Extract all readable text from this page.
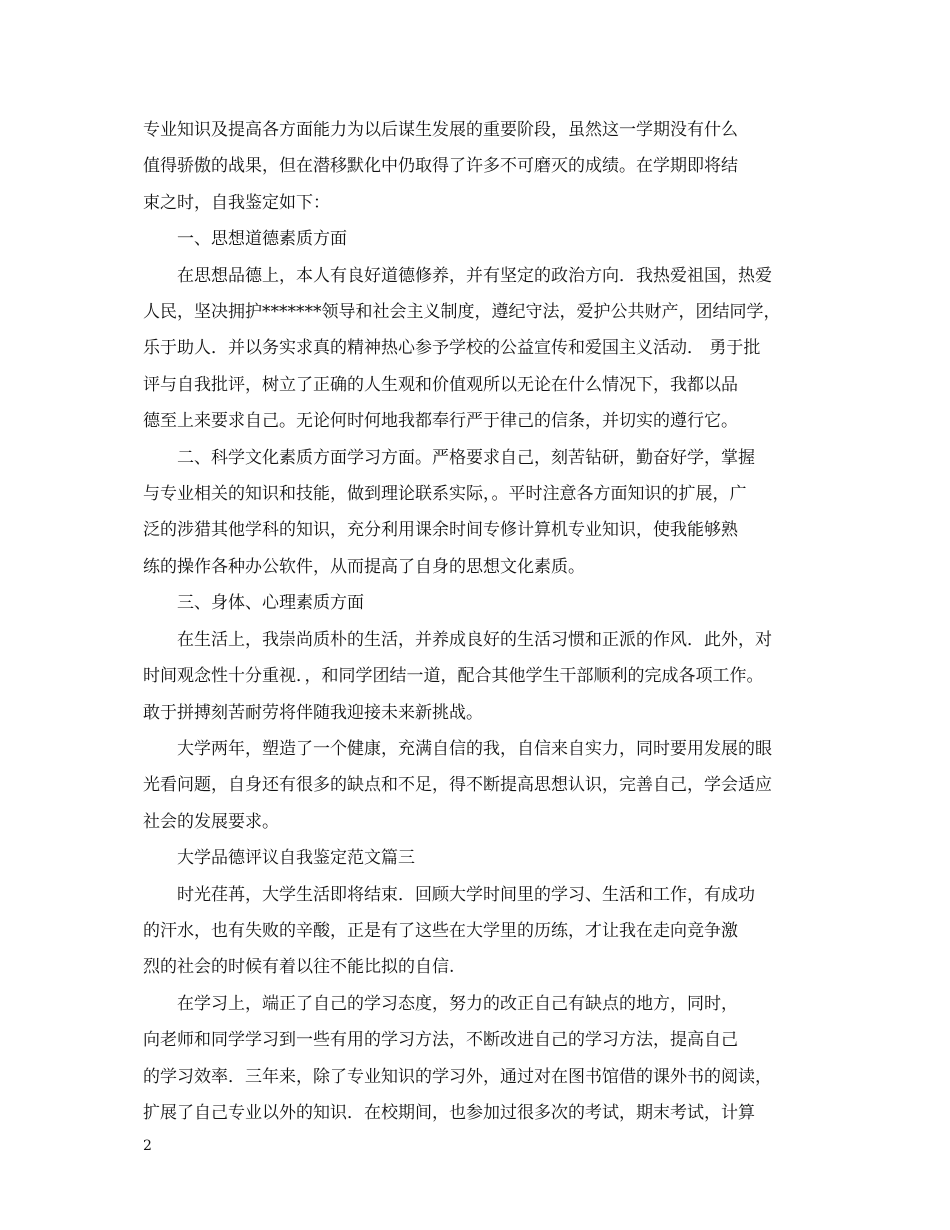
专业知识及提高各方面能力为以后谋生发展的重要阶段，虽然这一学期没有什么
值得骄傲的战果，但在潜移默化中仍取得了许多不可磨灭的成绩。在学期即将结
束之时，自我鉴定如下：

一、思想道德素质方面

在思想品德上，本人有良好道德修养，并有坚定的政治方向．我热爱祖国，热爱
人民，坚决拥护*******领导和社会主义制度，遵纪守法，爱护公共财产，团结同学，
乐于助人．并以务实求真的精神热心参予学校的公益宣传和爱国主义活动． 勇于批
评与自我批评，树立了正确的人生观和价值观所以无论在什么情况下，我都以品
德至上来要求自己。无论何时何地我都奉行严于律己的信条，并切实的遵行它。

二、科学文化素质方面学习方面。严格要求自己，刻苦钻研，勤奋好学，掌握
与专业相关的知识和技能，做到理论联系实际，。平时注意各方面知识的扩展，广
泛的涉猎其他学科的知识，充分利用课余时间专修计算机专业知识，使我能够熟
练的操作各种办公软件，从而提高了自身的思想文化素质。

三、身体、心理素质方面

在生活上，我崇尚质朴的生活，并养成良好的生活习惯和正派的作风．此外，对
时间观念性十分重视．，和同学团结一道，配合其他学生干部顺利的完成各项工作。
敢于拼搏刻苦耐劳将伴随我迎接未来新挑战。

大学两年，塑造了一个健康，充满自信的我，自信来自实力，同时要用发展的眼
光看问题，自身还有很多的缺点和不足，得不断提高思想认识，完善自己，学会适应
社会的发展要求。

大学品德评议自我鉴定范文篇三

时光荏苒，大学生活即将结束．回顾大学时间里的学习、生活和工作，有成功
的汗水，也有失败的辛酸，正是有了这些在大学里的历练，才让我在走向竞争激
烈的社会的时候有着以往不能比拟的自信.

在学习上，端正了自己的学习态度，努力的改正自己有缺点的地方，同时，
向老师和同学学习到一些有用的学习方法，不断改进自己的学习方法，提高自己
的学习效率．三年来，除了专业知识的学习外，通过对在图书馆借的课外书的阅读，
扩展了自己专业以外的知识．在校期间，也参加过很多次的考试，期末考试，计算

2
